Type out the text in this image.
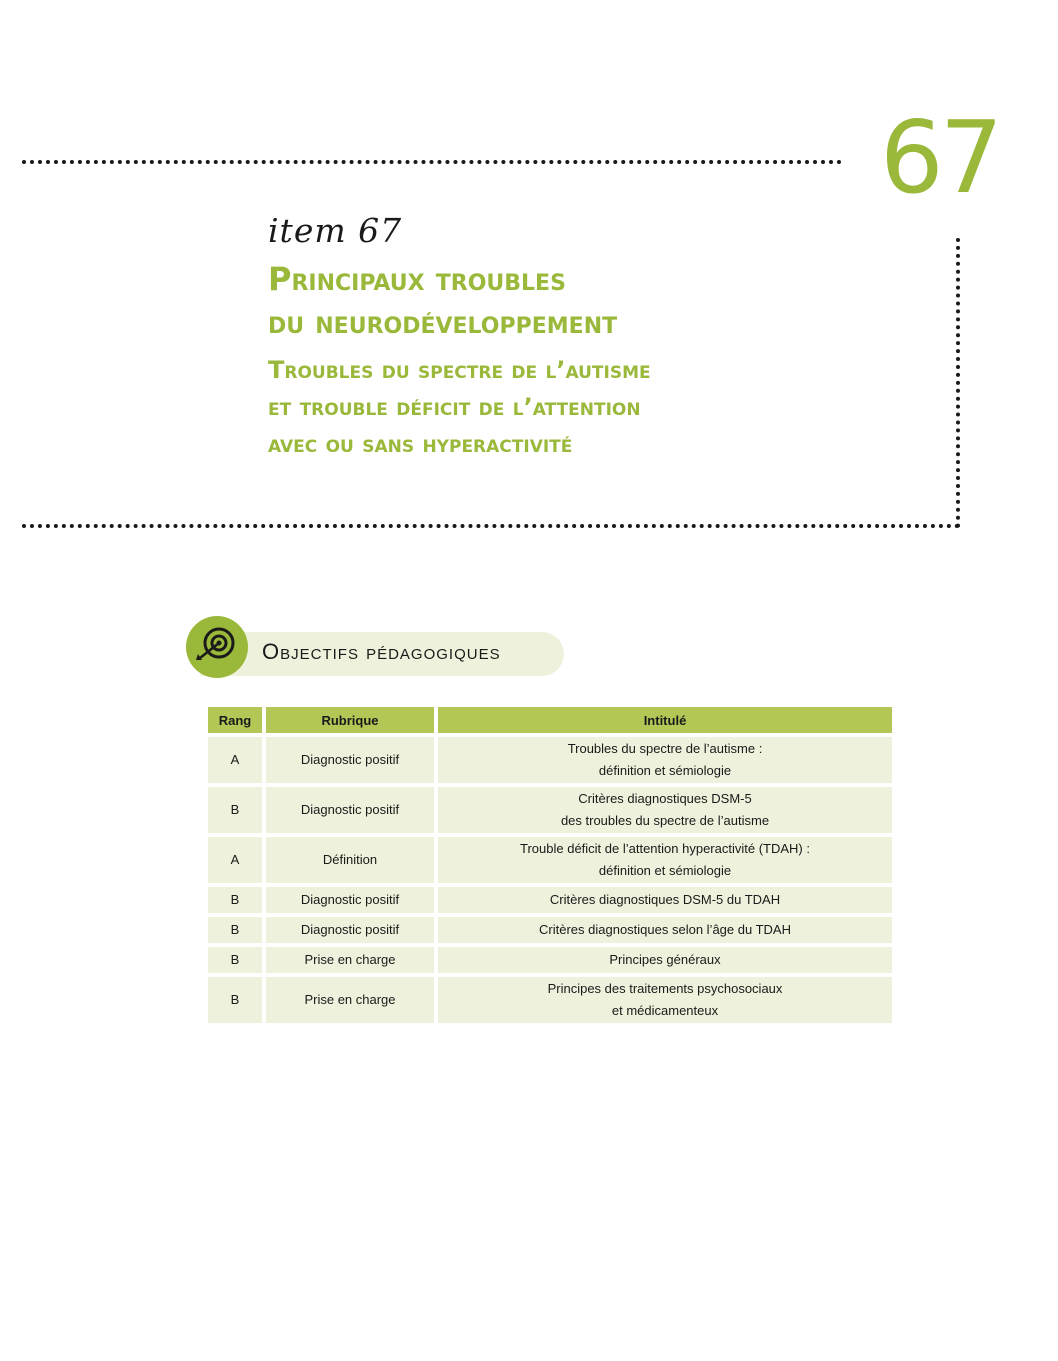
67
item 67
Principaux troubles
du neurodéveloppement
Troubles du spectre de l’autisme
et trouble déficit de l’attention
avec ou sans hyperactivité
Objectifs pédagogiques
Rang	Rubrique	Intitulé
A	Diagnostic positif	Troubles du spectre de l’autisme :
définition et sémiologie

B	Diagnostic positif	Critères diagnostiques DSM-5
des troubles du spectre de l’autisme

A	Définition	Trouble déficit de l’attention hyperactivité (TDAH) :
définition et sémiologie

B	Diagnostic positif	Critères diagnostiques DSM-5 du TDAH

B	Diagnostic positif	Critères diagnostiques selon l’âge du TDAH

B	Prise en charge	Principes généraux

B	Prise en charge	Principes des traitements psychosociaux
et médicamenteux
